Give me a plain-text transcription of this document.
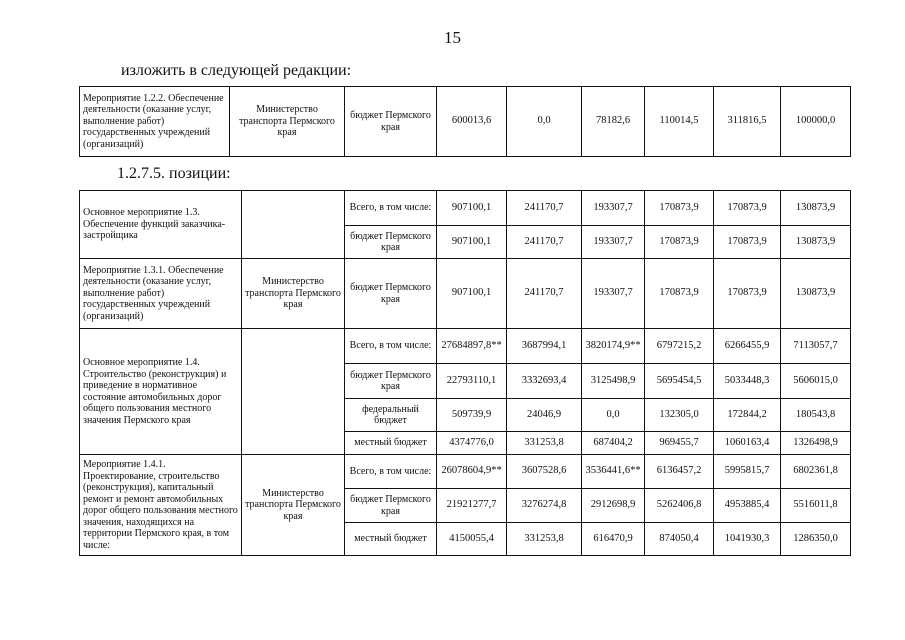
15
изложить в следующей редакции:
Мероприятие 1.2.2. Обеспечение деятельности (оказание услуг, выполнение работ) государственных учреждений (организаций)	Министерство транспорта Пермского края	бюджет Пермского края	600013,6	0,0	78182,6	110014,5	311816,5	100000,0
1.2.7.5. позиции:
Основное мероприятие 1.3. Обеспечение функций заказчика-застройщика		Всего, в том числе:	907100,1	241170,7	193307,7	170873,9	170873,9	130873,9
		бюджет Пермского края	907100,1	241170,7	193307,7	170873,9	170873,9	130873,9
Мероприятие 1.3.1. Обеспечение деятельности (оказание услуг, выполнение работ) государственных учреждений (организаций)	Министерство транспорта Пермского края	бюджет Пермского края	907100,1	241170,7	193307,7	170873,9	170873,9	130873,9
Основное мероприятие 1.4. Строительство (реконструкция) и приведение в нормативное состояние автомобильных дорог общего пользования местного значения Пермского края		Всего, в том числе:	27684897,8**	3687994,1	3820174,9**	6797215,2	6266455,9	7113057,7
		бюджет Пермского края	22793110,1	3332693,4	3125498,9	5695454,5	5033448,3	5606015,0
		федеральный бюджет	509739,9	24046,9	0,0	132305,0	172844,2	180543,8
		местный бюджет	4374776,0	331253,8	687404,2	969455,7	1060163,4	1326498,9
Мероприятие 1.4.1. Проектирование, строительство (реконструкция), капитальный ремонт и ремонт автомобильных дорог общего пользования местного значения, находящихся на территории Пермского края, в том числе:	Министерство транспорта Пермского края	Всего, в том числе:	26078604,9**	3607528,6	3536441,6**	6136457,2	5995815,7	6802361,8
		бюджет Пермского края	21921277,7	3276274,8	2912698,9	5262406,8	4953885,4	5516011,8
		местный бюджет	4150055,4	331253,8	616470,9	874050,4	1041930,3	1286350,0
